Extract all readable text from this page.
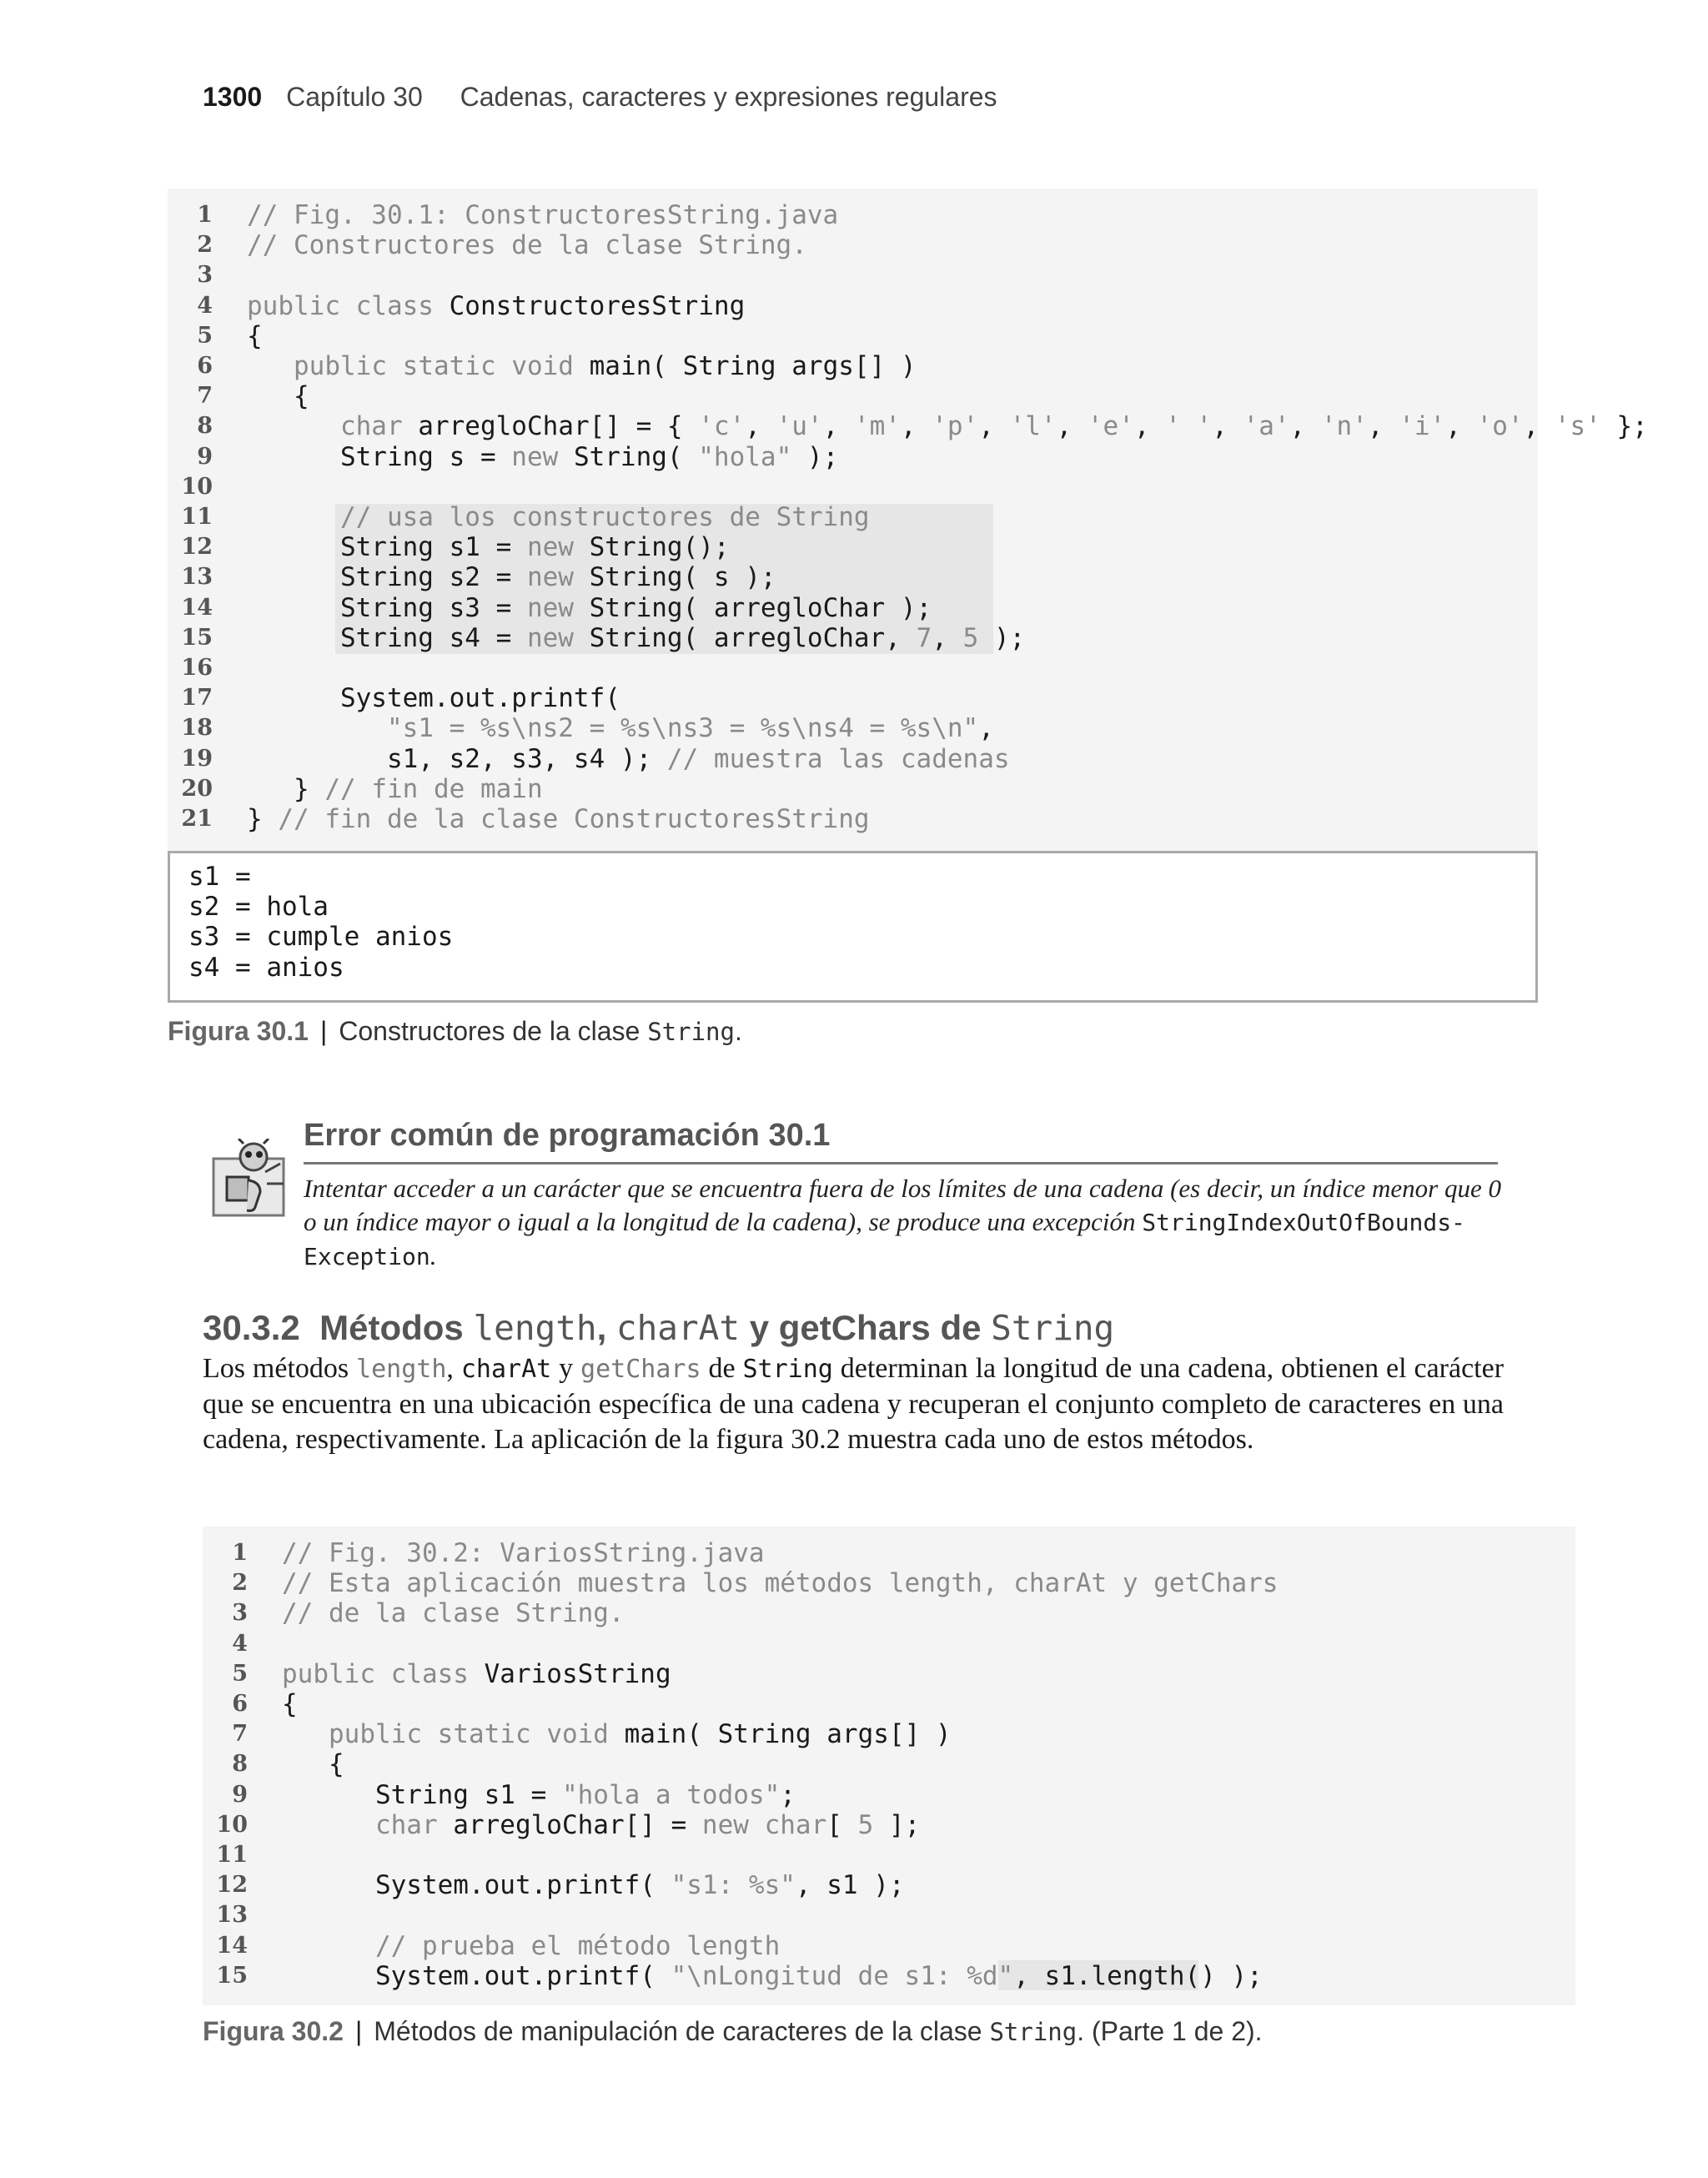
1300 Capítulo 30 Cadenas, caracteres y expresiones regulares
1 // Fig. 30.1: ConstructoresString.java
2 // Constructores de la clase String.
3
4 public class ConstructoresString
5 {
6	public static void main( String args[] )
7 {
8	char arregloChar[] = { 'c', 'u', 'm', 'p', 'l', 'e', ' ', 'a', 'n', 'i', 'o', 's' };
9 String s = new String( "hola" );
10
11	// usa los constructores de String
12 String s1 = new String();
13 String s2 = new String( s );
14 String s3 = new String( arregloChar );
15 String s4 = new String( arregloChar, 7, 5 );
16
17 System.out.printf(
18	"s1 = %s\ns2 = %s\ns3 = %s\ns4 = %s\n",
19 s1, s2, s3, s4 ); // muestra las cadenas
20 } // fin de main
21 } // fin de la clase ConstructoresString
s1 =
s2 = hola
s3 = cumple anios
s4 = anios
Figura 30.1 | Constructores de la clase String.
Error común de programación 30.1
Intentar acceder a un carácter que se encuentra fuera de los límites de una cadena (es decir, un índice menor que 0 o un índice mayor o igual a la longitud de la cadena), se produce una excepción StringIndexOutOfBounds-Exception.
30.3.2 Métodos length, charAt y getChars de String
Los métodos length, charAt y getChars de String determinan la longitud de una cadena, obtienen el carácter que se encuentra en una ubicación específica de una cadena y recuperan el conjunto completo de caracteres en una cadena, respectivamente. La aplicación de la figura 30.2 muestra cada uno de estos métodos.
1 // Fig. 30.2: VariosString.java
2 // Esta aplicación muestra los métodos length, charAt y getChars
3 // de la clase String.
4
5 public class VariosString
6 {
7	public static void main( String args[] )
8 {
9 String s1 = "hola a todos";
10	char arregloChar[] = new char[ 5 ];
11
12 System.out.printf( "s1: %s", s1 );
13
14	// prueba el método length
15 System.out.printf( "\nLongitud de s1: %d", s1.length() );
Figura 30.2 | Métodos de manipulación de caracteres de la clase String. (Parte 1 de 2).
